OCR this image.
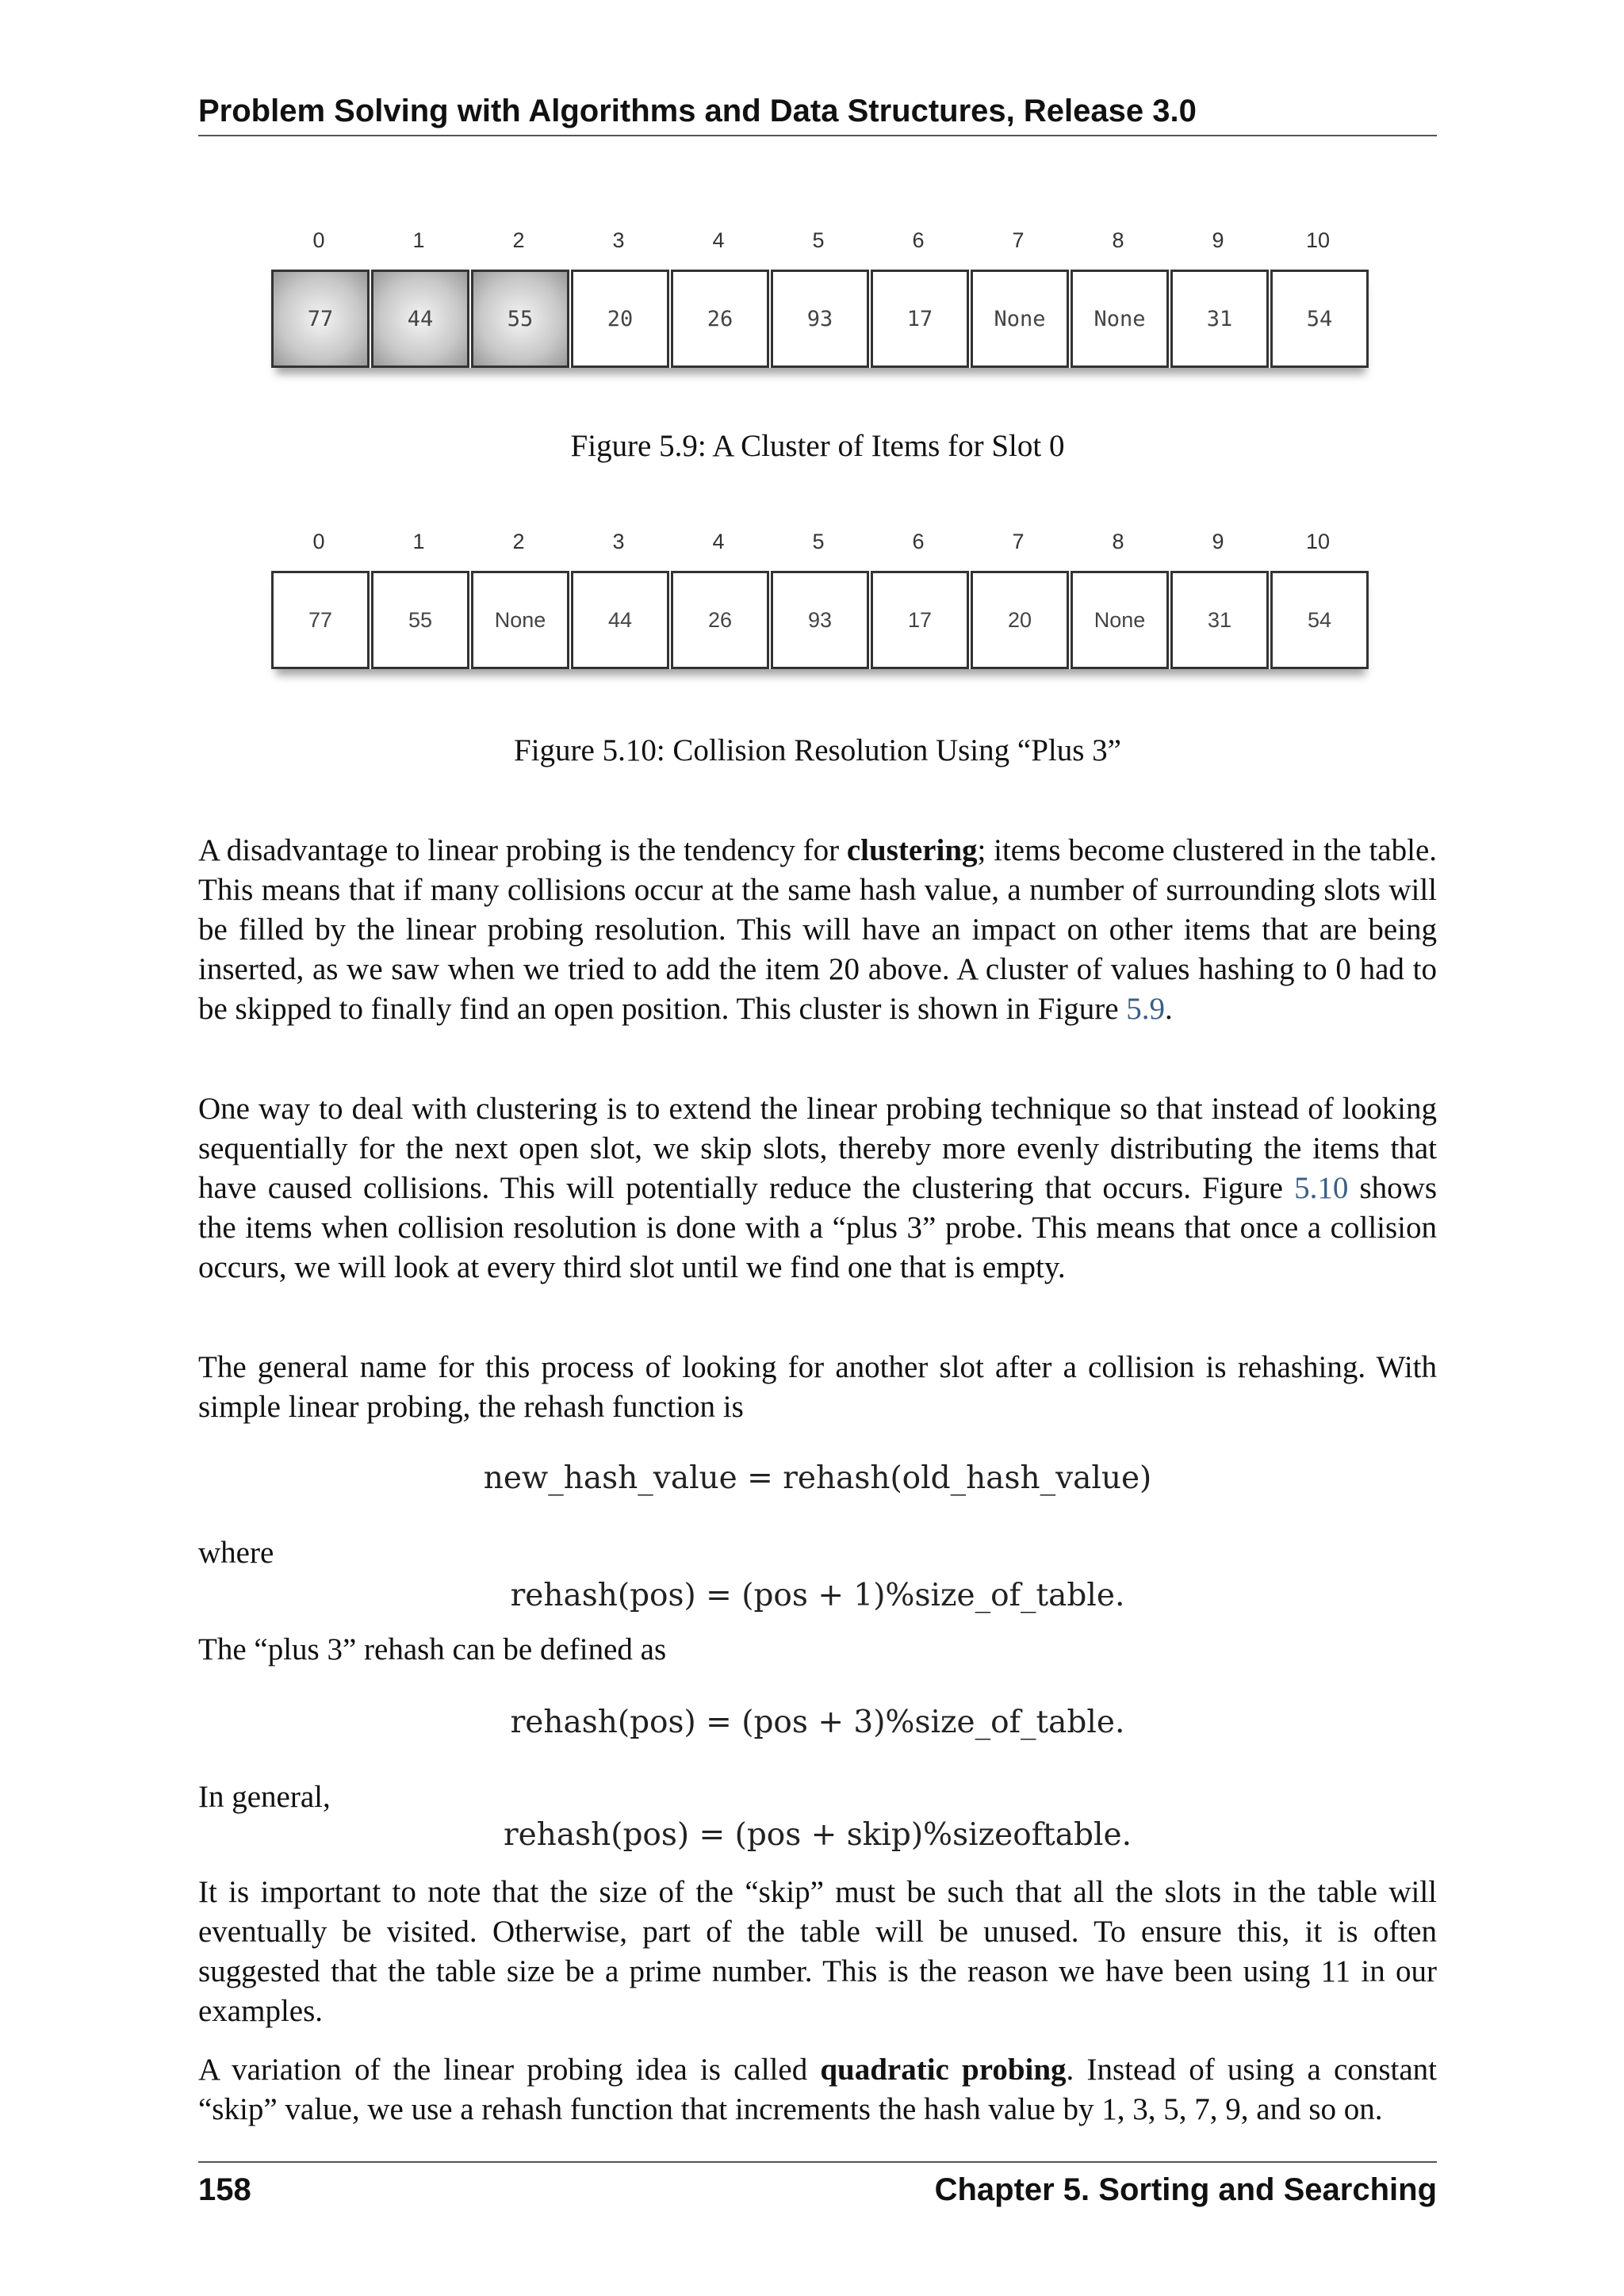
Problem Solving with Algorithms and Data Structures, Release 3.0
0	1	2	3	4	5	6	7	8	9	10
77	44	55	20	26	93	17	None	None	31	54
Figure 5.9: A Cluster of Items for Slot 0
0	1	2	3	4	5	6	7	8	9	10
77	55	None	44	26	93	17	20	None	31	54
Figure 5.10: Collision Resolution Using “Plus 3”

A disadvantage to linear probing is the tendency for clustering; items become clustered in the table. This means that if many collisions occur at the same hash value, a number of surrounding slots will be filled by the linear probing resolution. This will have an impact on other items that are being inserted, as we saw when we tried to add the item 20 above. A cluster of values hashing to 0 had to be skipped to finally find an open position. This cluster is shown in Figure 5.9.

One way to deal with clustering is to extend the linear probing technique so that instead of looking sequentially for the next open slot, we skip slots, thereby more evenly distributing the items that have caused collisions. This will potentially reduce the clustering that occurs. Figure 5.10 shows the items when collision resolution is done with a “plus 3” probe. This means that once a collision occurs, we will look at every third slot until we find one that is empty.

The general name for this process of looking for another slot after a collision is rehashing. With simple linear probing, the rehash function is

new_hash_value = rehash(old_hash_value)

where

rehash(pos) = (pos + 1)%size_of_table.

The “plus 3” rehash can be defined as

rehash(pos) = (pos + 3)%size_of_table.

In general,

rehash(pos) = (pos + skip)%sizeoftable.

It is important to note that the size of the “skip” must be such that all the slots in the table will eventually be visited. Otherwise, part of the table will be unused. To ensure this, it is often suggested that the table size be a prime number. This is the reason we have been using 11 in our examples.

A variation of the linear probing idea is called quadratic probing. Instead of using a constant “skip” value, we use a rehash function that increments the hash value by 1, 3, 5, 7, 9, and so on.

158	Chapter 5. Sorting and Searching
